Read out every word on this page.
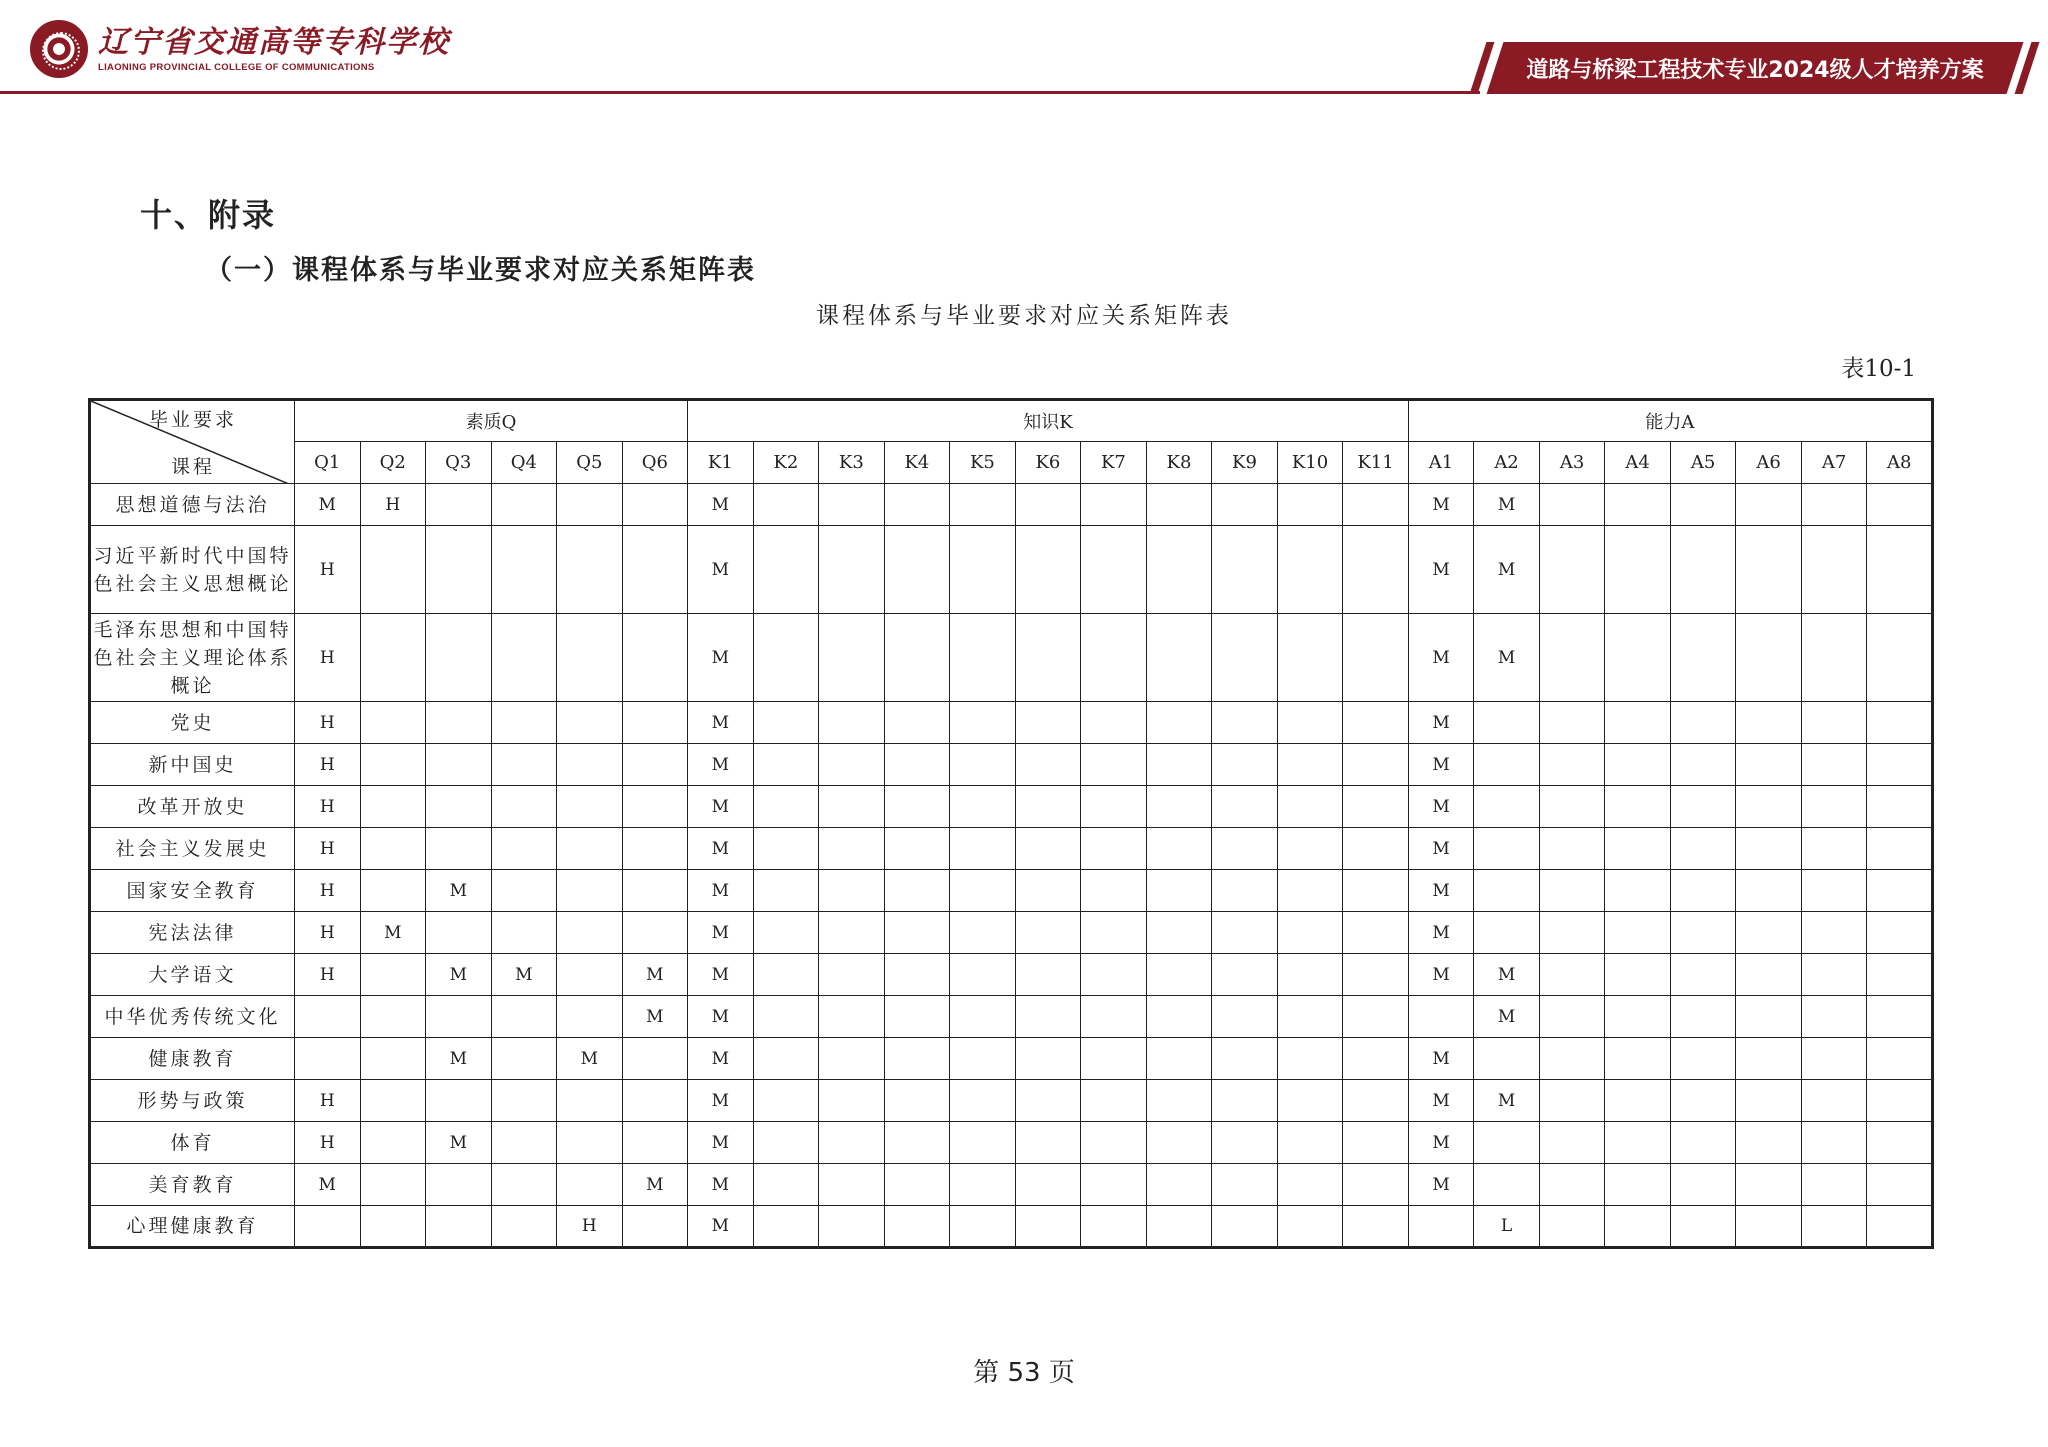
辽宁省交通高等专科学校
LIAONING PROVINCIAL COLLEGE OF COMMUNICATIONS	道路与桥梁工程技术专业2024级人才培养方案
十、附录
（一）课程体系与毕业要求对应关系矩阵表
课程体系与毕业要求对应关系矩阵表
表10-1
毕业要求
课程	素质Q						知识K											能力A							
	Q1	Q2	Q3	Q4	Q5	Q6	K1	K2	K3	K4	K5	K6	K7	K8	K9	K10	K11	A1	A2	A3	A4	A5	A6	A7	A8
思想道德与法治	M	H					M											M	M						
习近平新时代中国特色社会主义思想概论	H						M											M	M						
毛泽东思想和中国特色社会主义理论体系概论	H						M											M	M						
党史	H						M											M							
新中国史	H						M											M							
改革开放史	H						M											M							
社会主义发展史	H						M											M							
国家安全教育	H		M				M											M							
宪法法律	H	M					M											M							
大学语文	H		M	M		M	M											M	M						
中华优秀传统文化						M	M												M						
健康教育			M		M		M											M							
形势与政策	H						M											M	M						
体育	H		M				M											M							
美育教育	M					M	M											M							
心理健康教育					H		M												L						
第 53 页
